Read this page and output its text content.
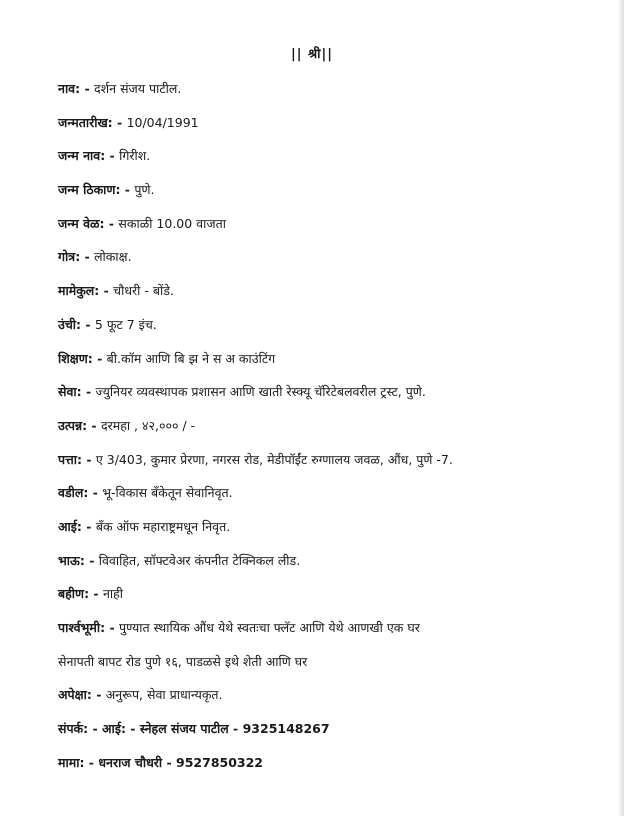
|| श्री||
नाव: - दर्शन संजय पाटील.
जन्मतारीख: - 10/04/1991
जन्म नाव: - गिरीश.
जन्म ठिकाण: - पुणे.
जन्म वेळ: - सकाळी 10.00 वाजता
गोत्र: - लोकाक्ष.
मामेकुल: - चौधरी - बोंडे.
उंची: - 5 फूट 7 इंच.
शिक्षण: - बी.कॉम आणि बि झ ने स अ काउंटिंग
सेवा: - ज्युनियर व्यवस्थापक प्रशासन आणि खाती रेस्क्यू चॅरिटेबलवरील ट्रस्ट, पुणे.
उत्पन्न: - दरमहा , ४२,००० / -
पत्ता: - ए 3/403, कुमार प्रेरणा, नगरस रोड, मेडीपॉईंट रुग्णालय जवळ, औंध, पुणे -7.
वडील: - भू-विकास बँकेतून सेवानिवृत.
आई: - बँक ऑफ महाराष्ट्रमधून निवृत.
भाऊ: - विवाहित, सॉफ्टवेअर कंपनीत टेक्निकल लीड.
बहीण: - नाही
पार्श्वभूमी: - पुण्यात स्थायिक औंध येथे स्वतःचा फ्लॅट आणि येथे आणखी एक घर
सेनापती बापट रोड पुणे १६, पाडळसे इथे शेती आणि घर
अपेक्षा: - अनुरूप, सेवा प्राधान्यकृत.
संपर्क: - आई: - स्नेहल संजय पाटील - 9325148267
मामा: - धनराज चौधरी - 9527850322
